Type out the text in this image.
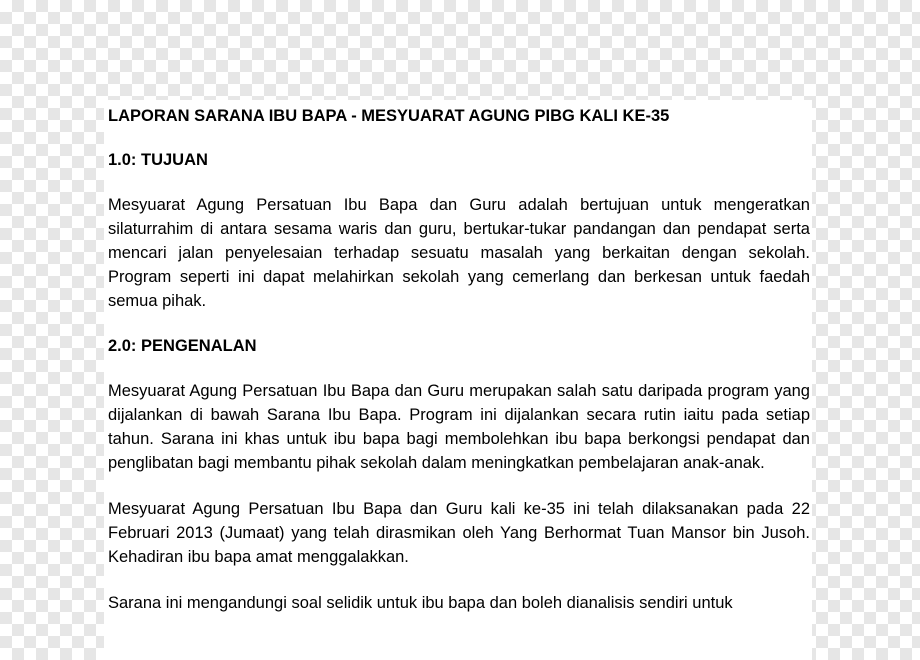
LAPORAN SARANA IBU BAPA - MESYUARAT AGUNG PIBG KALI KE-35
1.0: TUJUAN

Mesyuarat Agung Persatuan Ibu Bapa dan Guru adalah bertujuan untuk mengeratkan silaturrahim di antara sesama waris dan guru, bertukar-tukar pandangan dan pendapat serta mencari jalan penyelesaian terhadap sesuatu masalah yang berkaitan dengan sekolah. Program seperti ini dapat melahirkan sekolah yang cemerlang dan berkesan untuk faedah semua pihak.

2.0: PENGENALAN

Mesyuarat Agung Persatuan Ibu Bapa dan Guru merupakan salah satu daripada program yang dijalankan di bawah Sarana Ibu Bapa. Program ini dijalankan secara rutin iaitu pada setiap tahun. Sarana ini khas untuk ibu bapa bagi membolehkan ibu bapa berkongsi pendapat dan penglibatan bagi membantu pihak sekolah dalam meningkatkan pembelajaran anak-anak.

Mesyuarat Agung Persatuan Ibu Bapa dan Guru kali ke-35 ini telah dilaksanakan pada 22 Februari 2013 (Jumaat) yang telah dirasmikan oleh Yang Berhormat Tuan Mansor bin Jusoh. Kehadiran ibu bapa amat menggalakkan.

Sarana ini mengandungi soal selidik untuk ibu bapa dan boleh dianalisis sendiri untuk
